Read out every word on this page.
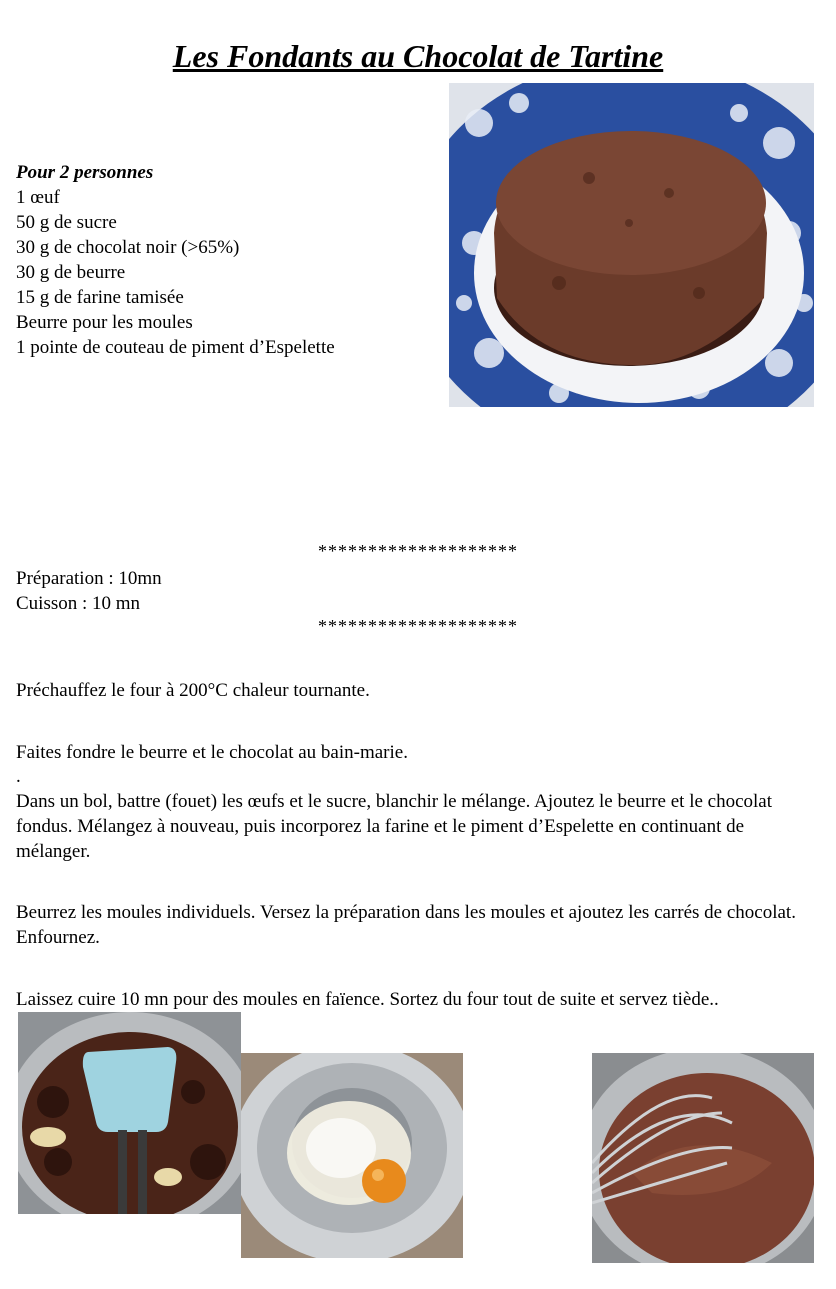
Les Fondants au Chocolat de Tartine
Pour 2 personnes
1 œuf
50 g de sucre
30 g de chocolat noir (>65%)
30 g de beurre
15 g de farine tamisée
Beurre pour les moules
1 pointe de couteau de piment d’Espelette
********************
Préparation : 10mn
Cuisson : 10 mn
********************

Préchauffez le four à 200°C chaleur tournante.

Faites fondre le beurre et le chocolat au bain-marie.

.

Dans un bol, battre (fouet) les œufs et le sucre, blanchir le mélange. Ajoutez le beurre et le chocolat fondus. Mélangez à nouveau, puis incorporez la farine et le piment d’Espelette en continuant de mélanger.

Beurrez les moules individuels. Versez la préparation dans les moules et ajoutez les carrés de chocolat. Enfournez.

Laissez cuire 10 mn pour des moules en faïence. Sortez du four tout de suite et servez tiède..
